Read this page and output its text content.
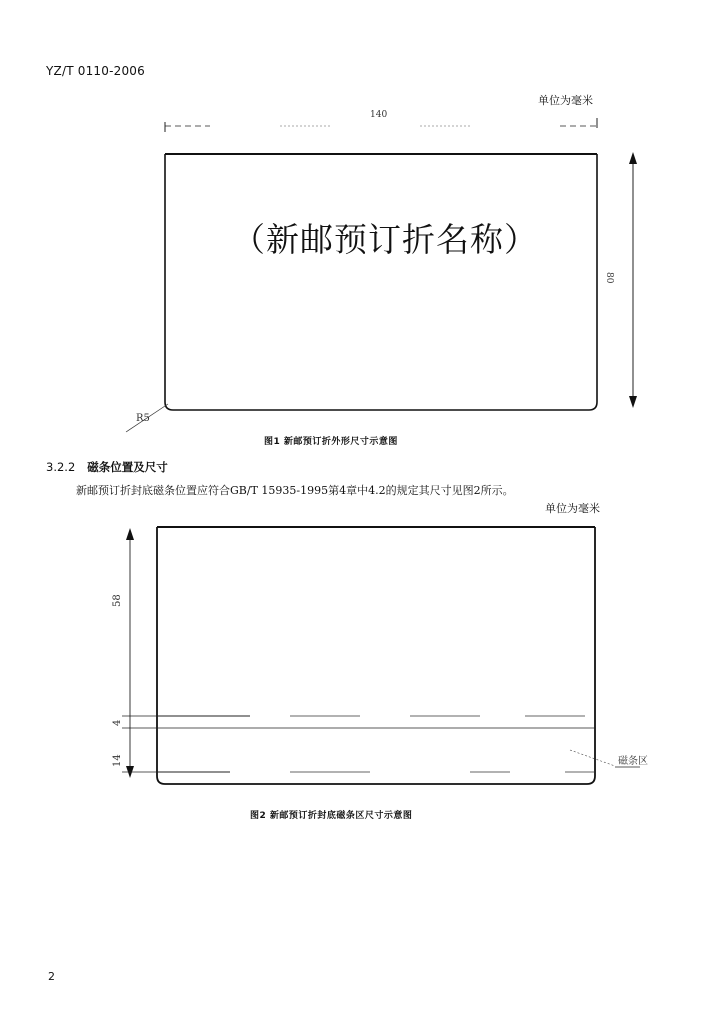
YZ/T 0110-2006
单位为毫米
140
80
R5
（新邮预订折名称）
图1 新邮预订折外形尺寸示意图
3.2.2 磁条位置及尺寸
新邮预订折封底磁条位置应符合GB/T 15935-1995第4章中4.2的规定其尺寸见图2所示。
单位为毫米
58
4
14	磁条区
图2 新邮预订折封底磁条区尺寸示意图
2
